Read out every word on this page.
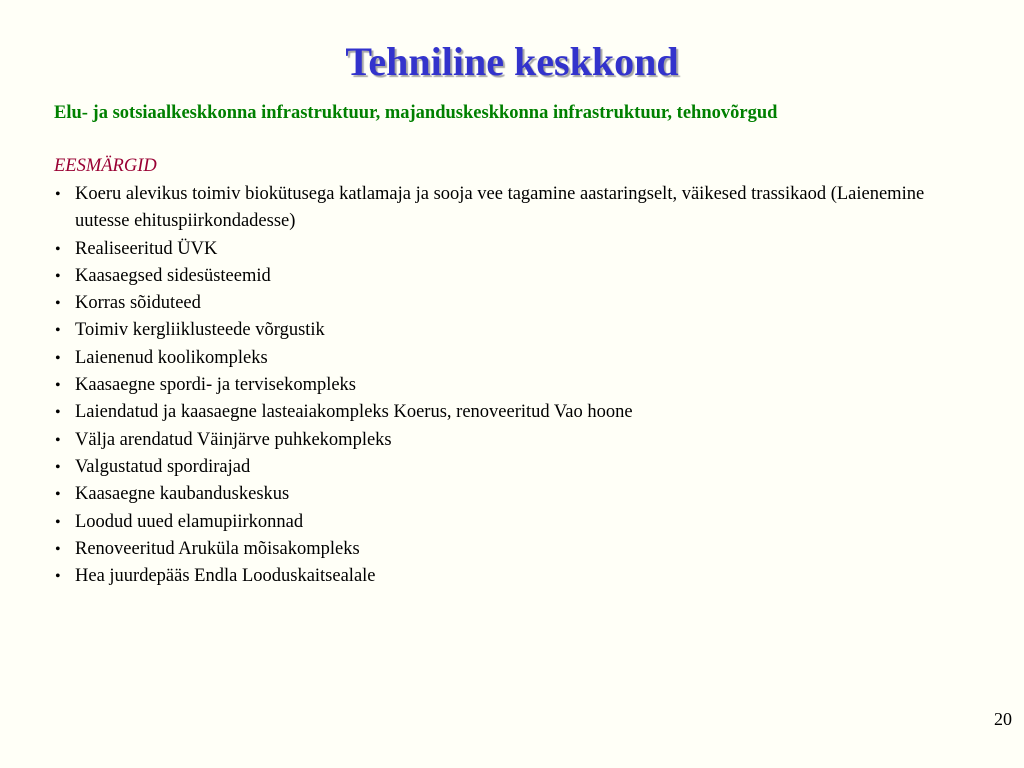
Tehniline keskkond
Elu- ja sotsiaalkeskkonna infrastruktuur, majanduskeskkonna infrastruktuur, tehnovõrgud
EESMÄRGID
• Koeru alevikus toimiv biokütusega katlamaja ja sooja vee tagamine aastaringselt, väikesed trassikaod (Laienemine uutesse ehituspiirkondadesse)
• Realiseeritud ÜVK
• Kaasaegsed sidesüsteemid
• Korras sõiduteed
• Toimiv kergliiklusteede võrgustik
• Laienenud koolikompleks
• Kaasaegne spordi- ja tervisekompleks
• Laiendatud ja kaasaegne lasteaiakompleks Koerus, renoveeritud Vao hoone
• Välja arendatud Väinjärve puhkekompleks
• Valgustatud spordirajad
• Kaasaegne kaubanduskeskus
• Loodud uued elamupiirkonnad
• Renoveeritud Aruküla mõisakompleks
• Hea juurdepääs Endla Looduskaitsealale
20
